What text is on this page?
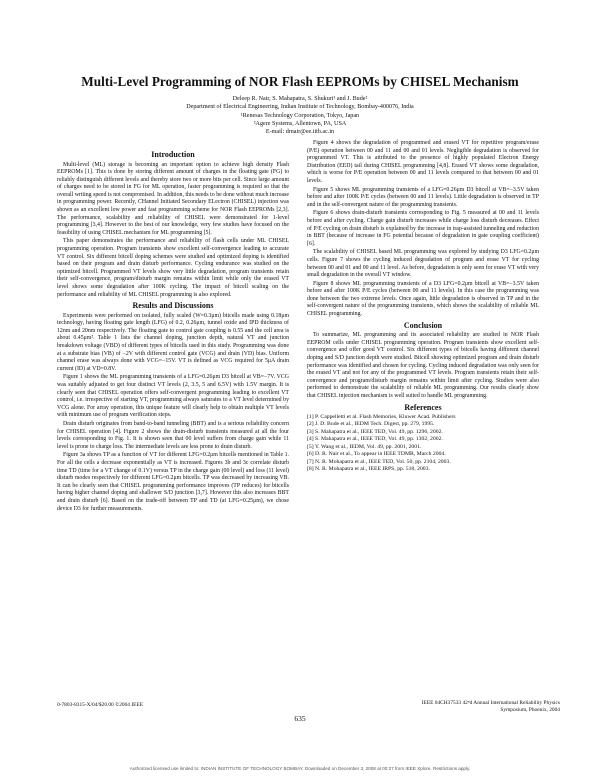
Multi-Level Programming of NOR Flash EEPROMs by CHISEL Mechanism
Deleep R. Nair, S. Mahapatra, S. Shukuri¹ and J. Bude²
Department of Electrical Engineering, Indian Institute of Technology, Bombay-400076, India
¹Renesas Technology Corporation, Tokyo, Japan
²Agere Systems, Allentown, PA, USA
E-mail: drnair@ee.iitb.ac.in
Introduction

Multi-level (ML) storage is becoming an important option to achieve high density Flash EEPROMs [1]. This is done by storing different amount of charges in the floating gate (FG) to reliably distinguish different levels and thereby store two or more bits per cell. Since large amount of charges need to be stored in FG for ML operation, faster programming is required so that the overall writing speed is not compromised. In addition, this needs to be done without much increase in programming power. Recently, CHannel Initiated Secondary ELectron (CHISEL) injection was shown as an excellent low power and fast programming scheme for NOR Flash EEPROMs [2,3]. The performance, scalability and reliability of CHISEL were demonstrated for 1-level programming [3,4]. However to the best of our knowledge, very few studies have focused on the feasibility of using CHISEL mechanism for ML programming [5].

This paper demonstrates the performance and reliability of flash cells under ML CHISEL programming operation. Program transients show excellent self-convergence leading to accurate VT control. Six different bitcell doping schemes were studied and optimized doping is identified based on their program and drain disturb performance. Cycling endurance was studied on the optimized bitcell. Programmed VT levels show very little degradation, program transients retain their self-convergence, program/disturb margin remains within limit while only the erased VT level shows some degradation after 100K cycling. The impact of bitcell scaling on the performance and reliability of ML CHISEL programming is also explored.

Results and Discussions

Experiments were performed on isolated, fully scaled (W=0.3μm) bitcells made using 0.18μm technology, having floating gate length (LFG) of 0.2, 0.26μm, tunnel oxide and IPD thickness of 12nm and 20nm respectively. The floating gate to control gate coupling is 0.55 and the cell area is about 0.45μm². Table 1 lists the channel doping, junction depth, natural VT and junction breakdown voltage (VBD) of different types of bitcells used in this study. Programming was done at a substrate bias (VB) of −2V with different control gate (VCG) and drain (VD) bias. Uniform channel erase was always done with VCG=−15V. VT is defined as VCG required for 5μA drain current (ID) at VD=0.8V.

Figure 1 shows the ML programming transients of a LFG=0.26μm D3 bitcell at VB=−7V. VCG was suitably adjusted to get four distinct VT levels (2, 3.5, 5 and 6.5V) with 1.5V margin. It is clearly seen that CHISEL operation offers self-convergent programming leading to excellent VT control, i.e. irrespective of starting VT, programming always saturates to a VT level determined by VCG alone. For array operation, this unique feature will clearly help to obtain multiple VT levels with minimum use of program verification steps.

Drain disturb originates from band-to-band tunneling (BBT) and is a serious reliability concern for CHISEL operation [4]. Figure 2 shows the drain-disturb transients measured at all the four levels corresponding to Fig. 1. It is shown seen that 00 level suffers from charge gain while 11 level is prone to charge loss. The intermediate levels are less prone to drain disturb.

Figure 3a shows TP as a function of VT for different LFG=0.2μm bitcells mentioned in Table 1. For all the cells a decrease exponentially as VT is increased. Figures 3b and 3c correlate disturb time TD (time for a VT change of 0.1V) versus TP in the charge gain (00 level) and loss (11 level) disturb modes respectively for different LFG=0.2μm bitcells. TP was decreased by increasing VB. It can be clearly seen that CHISEL programming performance improves (TP reduces) for bitcells having higher channel doping and shallower S/D junction [3,7]. However this also increases BBT and drain disturb [6]. Based on the trade-off between TP and TD (at LFG=0.25μm), we chose device D3 for further measurements.

Figure 4 shows the degradation of programmed and erased VT for repetitive program/erase (P/E) operation between 00 and 11 and 00 and 01 levels. Negligible degradation is observed for programmed VT. This is attributed to the presence of highly populated Electron Energy Distribution (EED) tail during CHISEL programming [4,8]. Erased VT shows some degradation, which is worse for P/E operation between 00 and 11 levels compared to that between 00 and 01 levels.

Figure 5 shows ML programming transients of a LFG=0.26μm D3 bitcell at VB=−3.5V taken before and after 100K P/E cycles (between 00 and 11 levels). Little degradation is observed in TP and in the self-convergent nature of the programming transients.

Figure 6 shows drain-disturb transients corresponding to Fig. 5 measured at 00 and 11 levels before and after cycling. Charge gain disturb increases while charge loss disturb decreases. Effect of P/E cycling on drain disturb is explained by the increase in trap-assisted tunneling and reduction in BBT (because of increase in FG potential because of degradation in gate coupling coefficient) [6].

The scalability of CHISEL based ML programming was explored by studying D3 LFG=0.2μm cells. Figure 7 shows the cycling induced degradation of program and erase VT for cycling between 00 and 01 and 00 and 11 level. As before, degradation is only seen for erase VT with very small degradation in the overall VT window.

Figure 8 shows ML programming transients of a D3 LFG=0.2μm bitcell at VB=−3.5V taken before and after 100K P/E cycles (between 00 and 11 levels). In this case the programming was done between the two extreme levels. Once again, little degradation is observed in TP and in the self-convergent nature of the programming transients, which shows the scalability of reliable ML CHISEL programming.

Conclusion

To summarize, ML programming and its associated reliability are studied in NOR Flash EEPROM cells under CHISEL programming operation. Program transients show excellent self-convergence and offer good VT control. Six different types of bitcells having different channel doping and S/D junction depth were studied. Bitcell showing optimized program and drain disturb performance was identified and chosen for cycling. Cycling induced degradation was only seen for the erased VT and not for any of the programmed VT levels. Program transients retain their self-convergence and program/disturb margin remains within limit after cycling. Studies were also performed to demonstrate the scalability of reliable ML programming. Our results clearly show that CHISEL injection mechanism is well suited to handle ML programming.

References
[1] P. Cappelletti et al. Flash Memories, Kluwer Acad. Publishers
[2] J. D. Bude et al., IEDM Tech. Digest, pp. 279, 1995.
[3] S. Mahapatra et al., IEEE TED, Vol. 49, pp. 1296, 2002.
[4] S. Mahapatra et al., IEEE TED, Vol. 49, pp. 1302, 2002.
[5] Y. Wang et al., IEDM, Vol. 49, pp. 2001, 2001.
[6] D. R. Nair et al., To appear in IEEE TDMR, March 2004.
[7] N. R. Mohapatra et al., IEEE TED, Vol. 50, pp. 2104, 2003.
[8] N. R. Mohapatra et al., IEEE IRPS, pp. 518, 2003.

0-7803-8315-X/04/$20.00 ©2004 IEEE	IEEE 04CH37533 42ⁿd Annual International Reliability Physics Symposium, Phoenix, 2004

635

Authorized licensed use limited to: INDIAN INSTITUTE OF TECHNOLOGY BOMBAY. Downloaded on December 3, 2008 at 00:27 from IEEE Xplore. Restrictions apply.
